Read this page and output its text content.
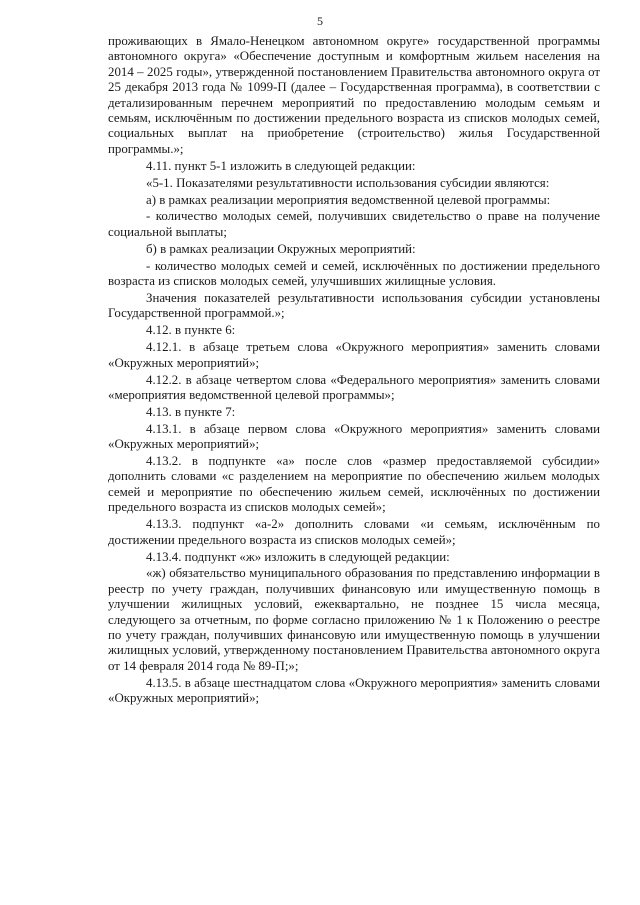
5

проживающих в Ямало-Ненецком автономном округе» государственной программы автономного округа» «Обеспечение доступным и комфортным жильем населения на 2014 – 2025 годы», утвержденной постановлением Правительства автономного округа от 25 декабря 2013 года № 1099-П (далее – Государственная программа), в соответствии с детализированным перечнем мероприятий по предоставлению молодым семьям и семьям, исключённым по достижении предельного возраста из списков молодых семей, социальных выплат на приобретение (строительство) жилья Государственной программы.»;

4.11. пункт 5-1 изложить в следующей редакции:

«5-1. Показателями результативности использования субсидии являются:

а) в рамках реализации мероприятия ведомственной целевой программы:

- количество молодых семей, получивших свидетельство о праве на получение социальной выплаты;

б) в рамках реализации Окружных мероприятий:

- количество молодых семей и семей, исключённых по достижении предельного возраста из списков молодых семей, улучшивших жилищные условия.

Значения показателей результативности использования субсидии установлены Государственной программой.»;

4.12. в пункте 6:

4.12.1. в абзаце третьем слова «Окружного мероприятия» заменить словами «Окружных мероприятий»;

4.12.2. в абзаце четвертом слова «Федерального мероприятия» заменить словами «мероприятия ведомственной целевой программы»;

4.13. в пункте 7:

4.13.1. в абзаце первом слова «Окружного мероприятия» заменить словами «Окружных мероприятий»;

4.13.2. в подпункте «а» после слов «размер предоставляемой субсидии» дополнить словами «с разделением на мероприятие по обеспечению жильем молодых семей и мероприятие по обеспечению жильем семей, исключённых по достижении предельного возраста из списков молодых семей»;

4.13.3. подпункт «а-2» дополнить словами «и семьям, исключённым по достижении предельного возраста из списков молодых семей»;

4.13.4. подпункт «ж» изложить в следующей редакции:

«ж) обязательство муниципального образования по представлению информации в реестр по учету граждан, получивших финансовую или имущественную помощь в улучшении жилищных условий, ежеквартально, не позднее 15 числа месяца, следующего за отчетным, по форме согласно приложению № 1 к Положению о реестре по учету граждан, получивших финансовую или имущественную помощь в улучшении жилищных условий, утвержденному постановлением Правительства автономного округа от 14 февраля 2014 года № 89-П;»;

4.13.5. в абзаце шестнадцатом слова «Окружного мероприятия» заменить словами «Окружных мероприятий»;
